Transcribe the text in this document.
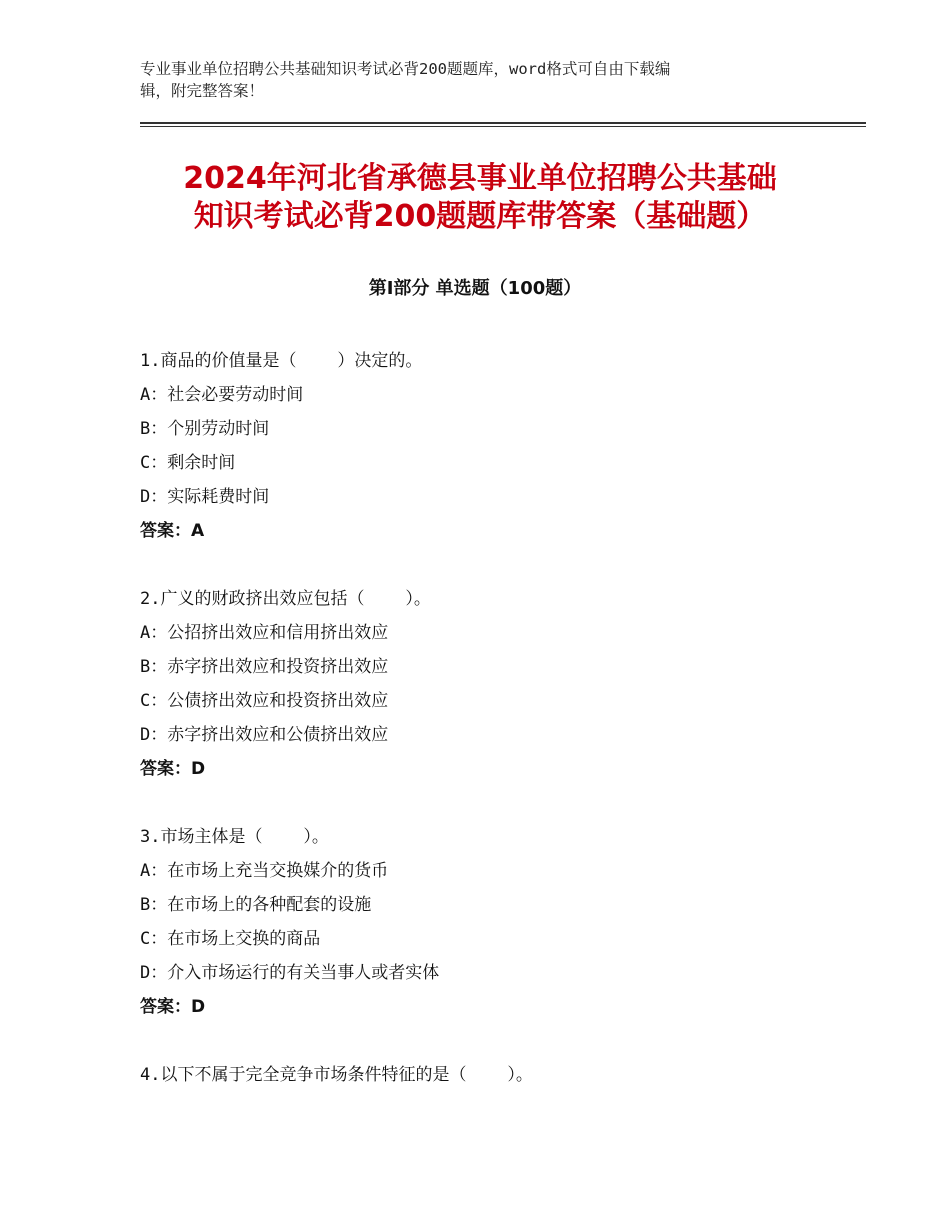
专业事业单位招聘公共基础知识考试必背200题题库，word格式可自由下载编
辑，附完整答案！
2024年河北省承德县事业单位招聘公共基础
知识考试必背200题题库带答案（基础题）
第Ⅰ部分 单选题（100题）
1.商品的价值量是（    ）决定的。
A：社会必要劳动时间
B：个别劳动时间
C：剩余时间
D：实际耗费时间
答案：A
2.广义的财政挤出效应包括（    ）。
A：公招挤出效应和信用挤出效应
B：赤字挤出效应和投资挤出效应
C：公债挤出效应和投资挤出效应
D：赤字挤出效应和公债挤出效应
答案：D
3.市场主体是（    ）。
A：在市场上充当交换媒介的货币
B：在市场上的各种配套的设施
C：在市场上交换的商品
D：介入市场运行的有关当事人或者实体
答案：D
4.以下不属于完全竞争市场条件特征的是（    ）。
